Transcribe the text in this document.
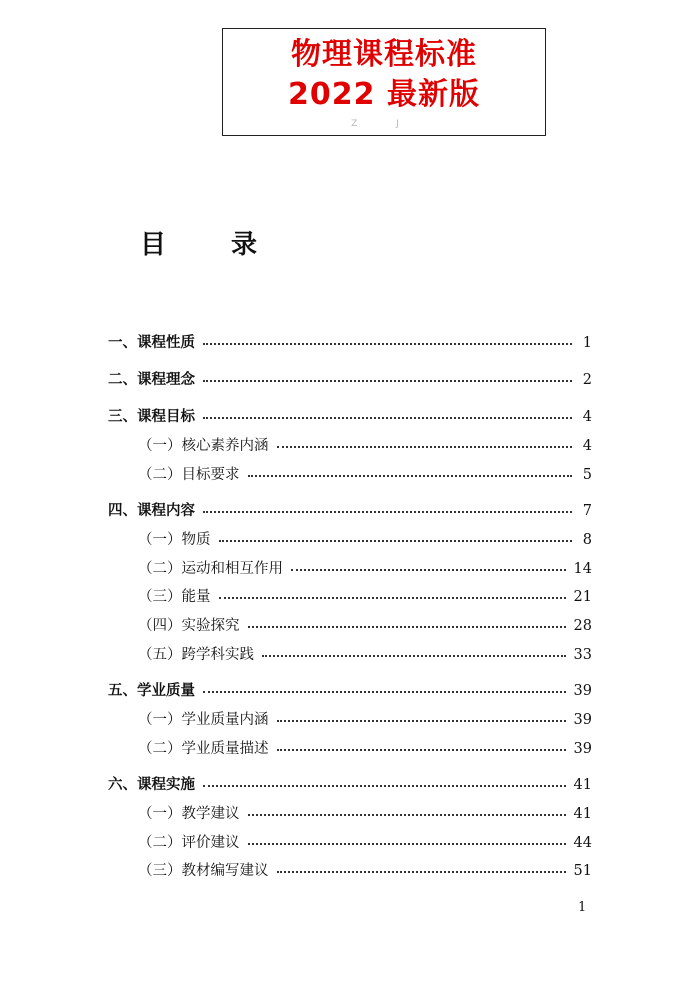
物理课程标准
2022 最新版
Z J
目 录
一、课程性质	1
二、课程理念	2
三、课程目标	4
（一）核心素养内涵	4
（二）目标要求	5
四、课程内容	7
（一）物质	8
（二）运动和相互作用	14
（三）能量	21
（四）实验探究	28
（五）跨学科实践	33
五、学业质量	39
（一）学业质量内涵	39
（二）学业质量描述	39
六、课程实施	41
（一）教学建议	41
（二）评价建议	44
（三）教材编写建议	51
1
